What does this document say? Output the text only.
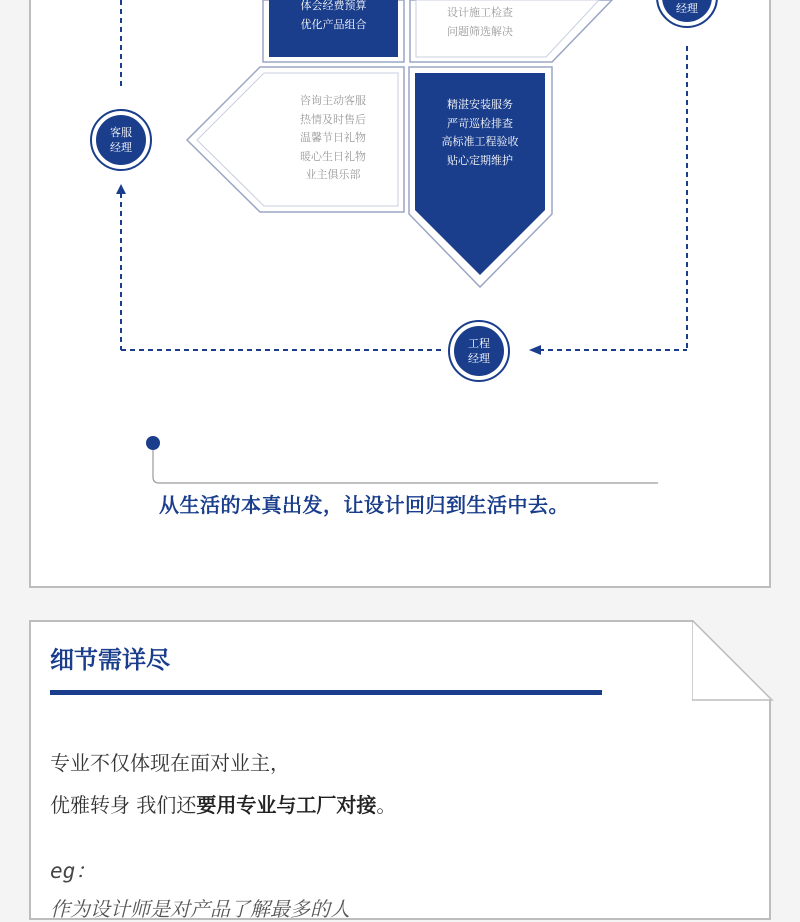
体会经费预算
优化产品组合
设计施工检查
问题筛选解决
咨询主动客服
热情及时售后
温馨节日礼物
暖心生日礼物
业主俱乐部
精湛安装服务
严苛巡检排查
高标准工程验收
贴心定期维护
客服
经理
经理
工程
经理
从生活的本真出发，让设计回归到生活中去。
细节需详尽
专业不仅体现在面对业主，
优雅转身 我们还要用专业与工厂对接。
eg：
作为设计师是对产品了解最多的人
